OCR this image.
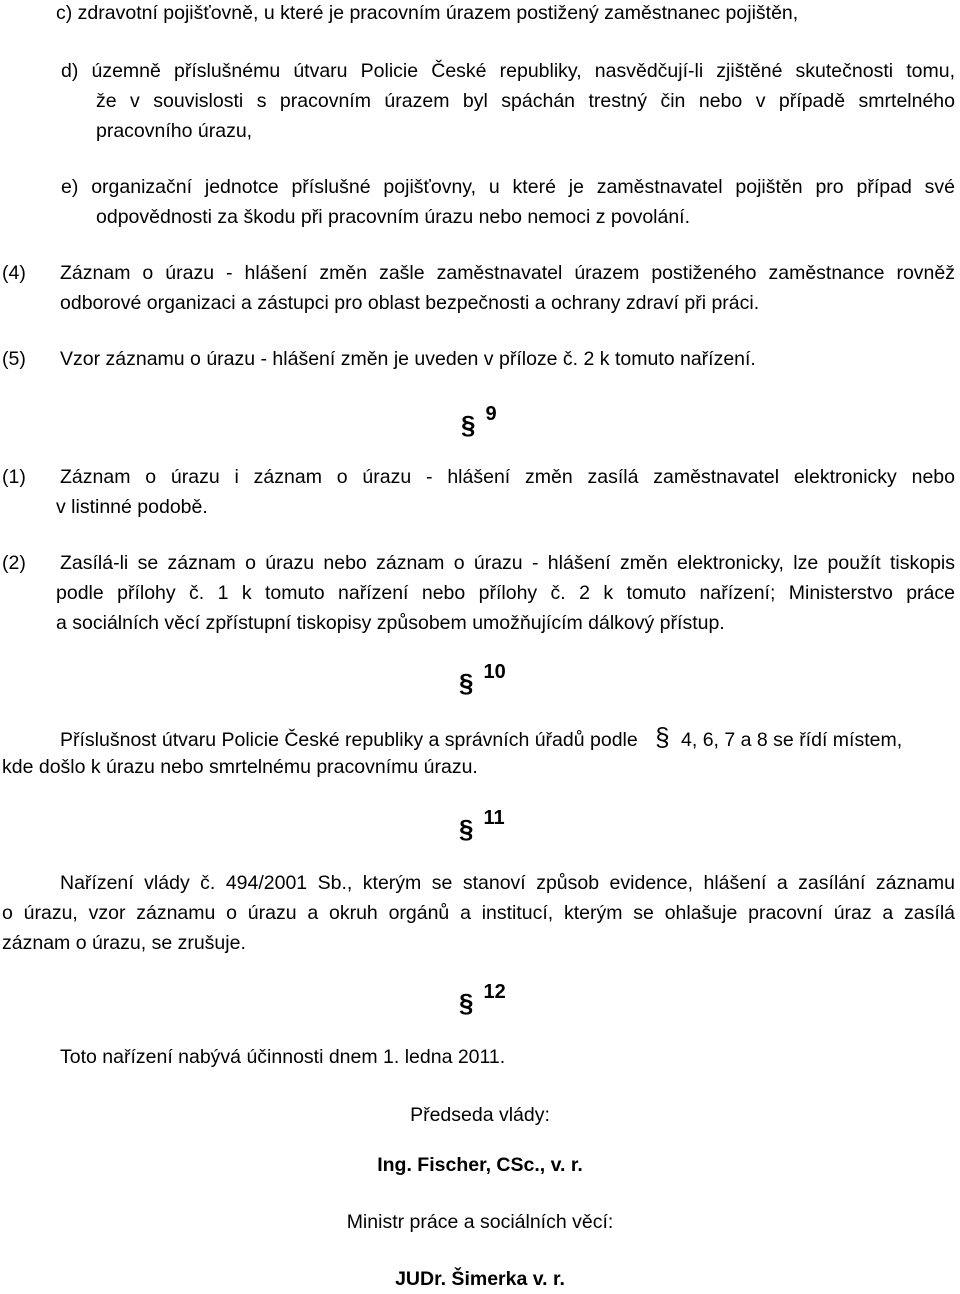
c) zdravotní pojišťovně, u které je pracovním úrazem postižený zaměstnanec pojištěn,
d) územně příslušnému útvaru Policie České republiky, nasvědčují-li zjištěné skutečnosti tomu,
že v souvislosti s pracovním úrazem byl spáchán trestný čin nebo v případě smrtelného
pracovního úrazu,
e) organizační jednotce příslušné pojišťovny, u které je zaměstnavatel pojištěn pro případ své
odpovědnosti za škodu při pracovním úrazu nebo nemoci z povolání.
(4) Záznam o úrazu - hlášení změn zašle zaměstnavatel úrazem postiženého zaměstnance rovněž
odborové organizaci a zástupci pro oblast bezpečnosti a ochrany zdraví při práci.
(5) Vzor záznamu o úrazu - hlášení změn je uveden v příloze č. 2 k tomuto nařízení.
§ 9
(1) Záznam o úrazu i záznam o úrazu - hlášení změn zasílá zaměstnavatel elektronicky nebo
v listinné podobě.
(2) Zasílá-li se záznam o úrazu nebo záznam o úrazu - hlášení změn elektronicky, lze použít tiskopis
podle přílohy č. 1 k tomuto nařízení nebo přílohy č. 2 k tomuto nařízení; Ministerstvo práce
a sociálních věcí zpřístupní tiskopisy způsobem umožňujícím dálkový přístup.
§ 10
Příslušnost útvaru Policie České republiky a správních úřadů podle § 4, 6, 7 a 8 se řídí místem,
kde došlo k úrazu nebo smrtelnému pracovnímu úrazu.
§ 11
Nařízení vlády č. 494/2001 Sb., kterým se stanoví způsob evidence, hlášení a zasílání záznamu
o úrazu, vzor záznamu o úrazu a okruh orgánů a institucí, kterým se ohlašuje pracovní úraz a zasílá
záznam o úrazu, se zrušuje.
§ 12
Toto nařízení nabývá účinnosti dnem 1. ledna 2011.
Předseda vlády:
Ing. Fischer, CSc., v. r.
Ministr práce a sociálních věcí:
JUDr. Šimerka v. r.
